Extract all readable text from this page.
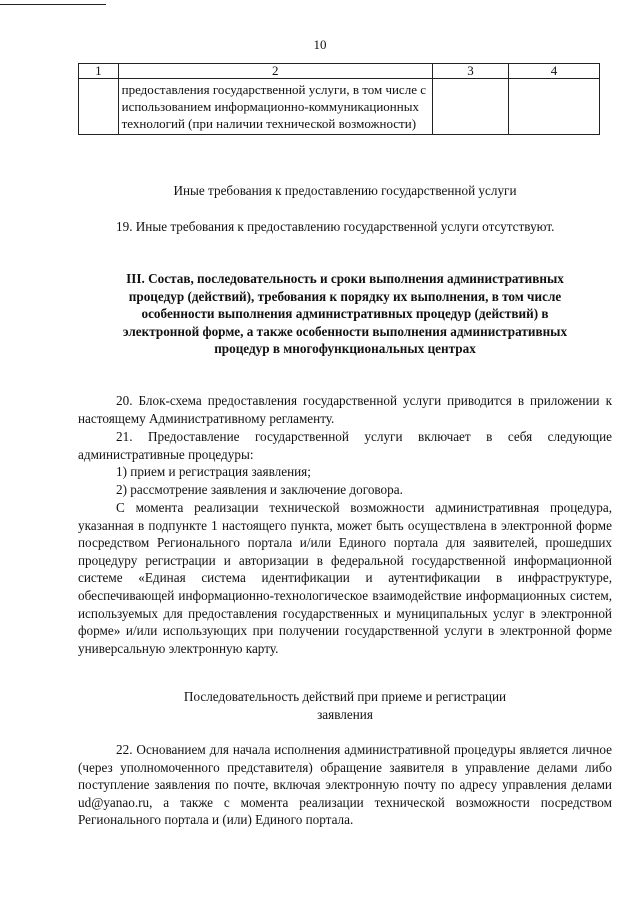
10
1	2	3	4
	предоставления государственной услуги, в том числе с использованием информационно-коммуникационных технологий (при наличии технической возможности)		
Иные требования к предоставлению государственной услуги

19. Иные требования к предоставлению государственной услуги отсутствуют.

III. Состав, последовательность и сроки выполнения административных процедур (действий), требования к порядку их выполнения, в том числе особенности выполнения административных процедур (действий) в электронной форме, а также особенности выполнения административных процедур в многофункциональных центрах

20. Блок-схема предоставления государственной услуги приводится в приложении к настоящему Административному регламенту.

21. Предоставление государственной услуги включает в себя следующие административные процедуры:

1) прием и регистрация заявления;
2) рассмотрение заявления и заключение договора.

С момента реализации технической возможности административная процедура, указанная в подпункте 1 настоящего пункта, может быть осуществлена в электронной форме посредством Регионального портала и/или Единого портала для заявителей, прошедших процедуру регистрации и авторизации в федеральной государственной информационной системе «Единая система идентификации и аутентификации в инфраструктуре, обеспечивающей информационно-технологическое взаимодействие информационных систем, используемых для предоставления государственных и муниципальных услуг в электронной форме» и/или использующих при получении государственной услуги в электронной форме универсальную электронную карту.

Последовательность действий при приеме и регистрации
заявления

22. Основанием для начала исполнения административной процедуры является личное (через уполномоченного представителя) обращение заявителя в управление делами либо поступление заявления по почте, включая электронную почту по адресу управления делами ud@yanao.ru, а также с момента реализации технической возможности посредством Регионального портала и (или) Единого портала.
